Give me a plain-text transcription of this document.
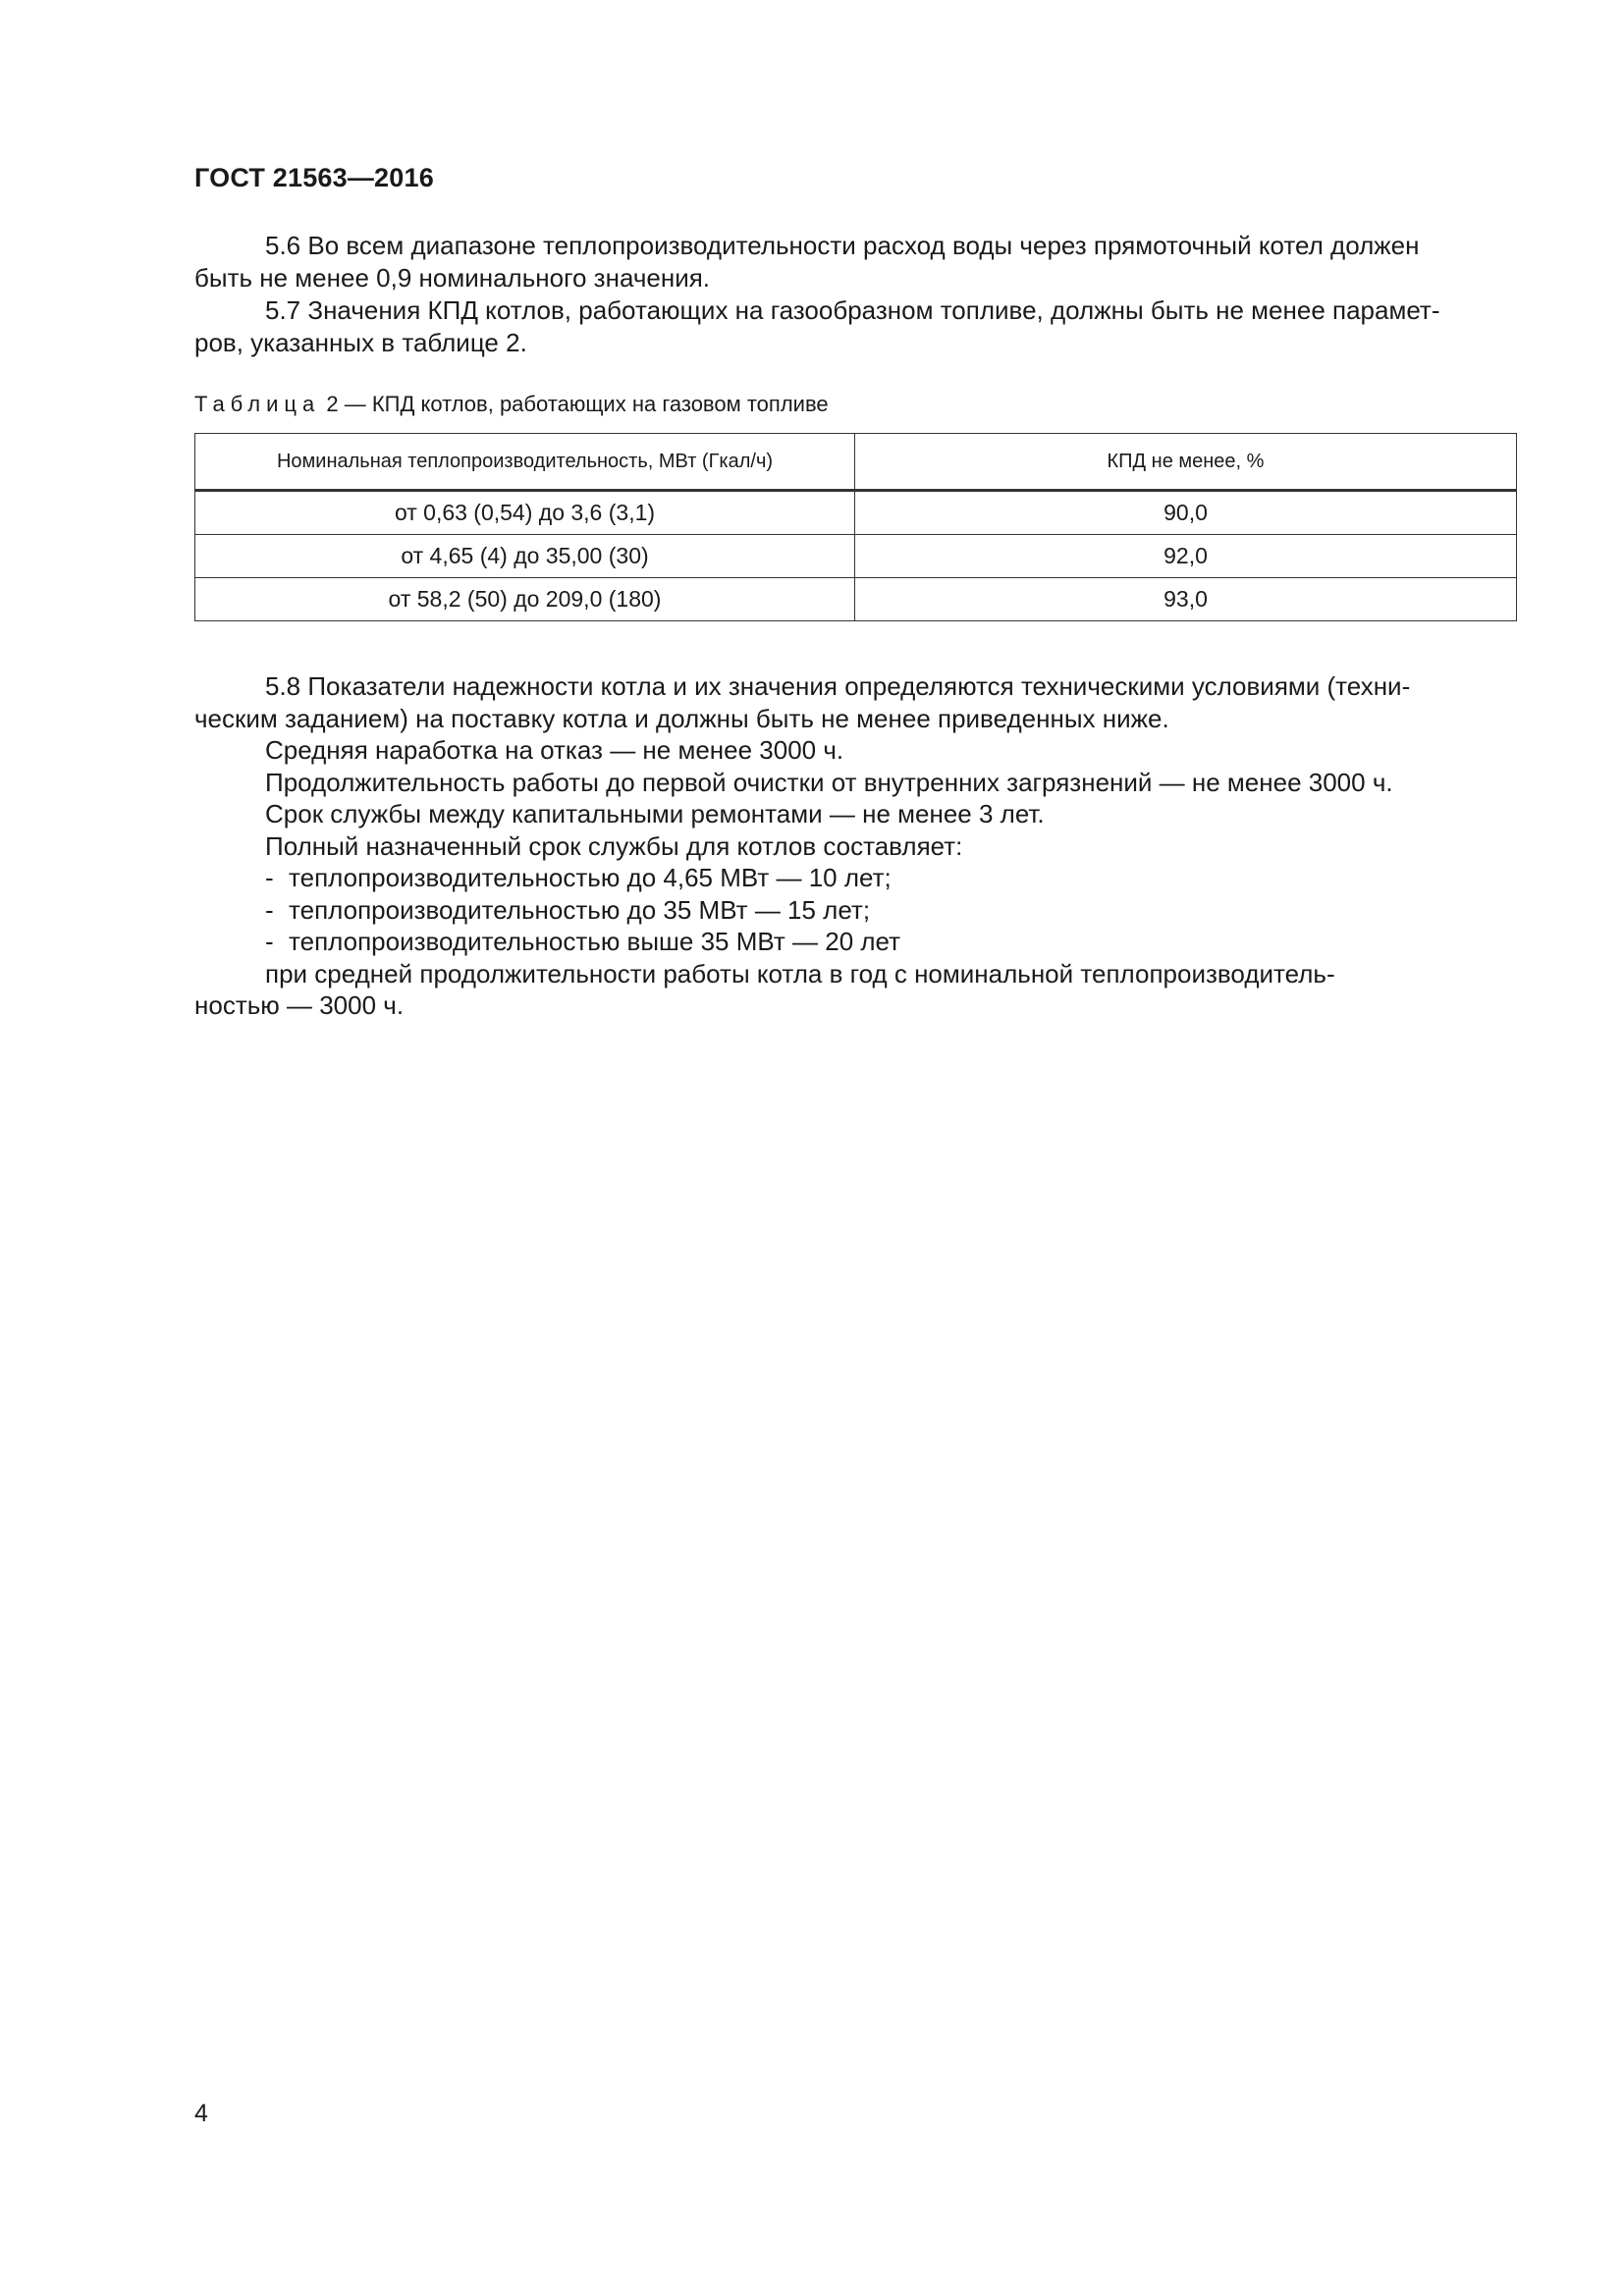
ГОСТ 21563—2016

5.6 Во всем диапазоне теплопроизводительности расход воды через прямоточный котел должен
быть не менее 0,9 номинального значения.

5.7 Значения КПД котлов, работающих на газообразном топливе, должны быть не менее парамет-
ров, указанных в таблице 2.

Таблица 2 — КПД котлов, работающих на газовом топливе
Номинальная теплопроизводительность, МВт (Гкал/ч)	КПД не менее, %
от 0,63 (0,54) до 3,6 (3,1)	90,0
от 4,65 (4) до 35,00 (30)	92,0
от 58,2 (50) до 209,0 (180)	93,0

5.8 Показатели надежности котла и их значения определяются техническими условиями (техни-
ческим заданием) на поставку котла и должны быть не менее приведенных ниже.

Средняя наработка на отказ — не менее 3000 ч.

Продолжительность работы до первой очистки от внутренних загрязнений — не менее 3000 ч.

Срок службы между капитальными ремонтами — не менее 3 лет.

Полный назначенный срок службы для котлов составляет:

- теплопроизводительностью до 4,65 МВт — 10 лет;

- теплопроизводительностью до 35 МВт — 15 лет;

- теплопроизводительностью выше 35 МВт — 20 лет

при средней продолжительности работы котла в год с номинальной теплопроизводитель-

ностью — 3000 ч.

4
